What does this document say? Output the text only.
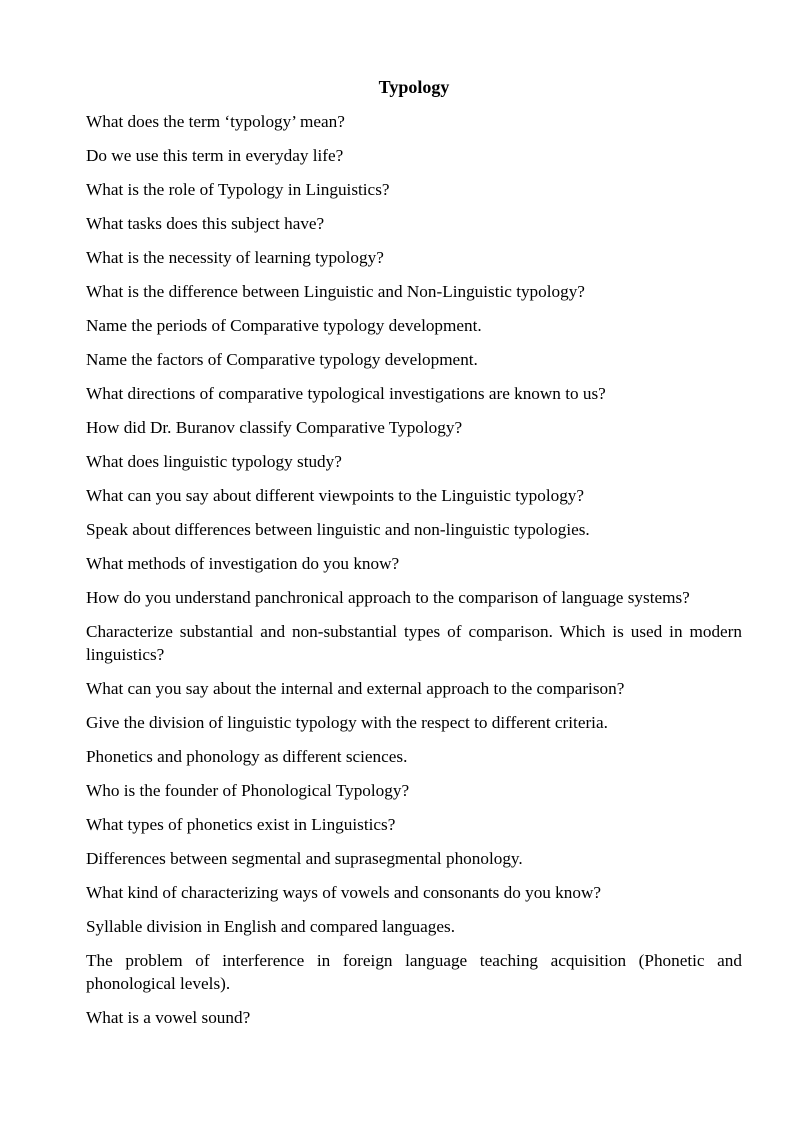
Typology
What does the term ‘typology’ mean?
Do we use this term in everyday life?
What is the role of Typology in Linguistics?
What tasks does this subject have?
What is the necessity of learning typology?
What is the difference between Linguistic and Non-Linguistic typology?
Name the periods of Comparative typology development.
Name the factors of Comparative typology development.
What directions of comparative typological investigations are known to us?
How did Dr. Buranov classify Comparative Typology?
What does linguistic typology study?
What can you say about different viewpoints to the Linguistic typology?
Speak about differences between linguistic and non-linguistic typologies.
What methods of investigation do you know?
How do you understand panchronical approach to the comparison of language systems?
Characterize substantial and non-substantial types of comparison. Which is used in modern linguistics?
What can you say about the internal and external approach to the comparison?
Give the division of linguistic typology with the respect to different criteria.
Phonetics and phonology as different sciences.
Who is the founder of Phonological Typology?
What types of phonetics exist in Linguistics?
Differences between segmental and suprasegmental phonology.
What kind of characterizing ways of vowels and consonants do you know?
Syllable division in English and compared languages.
The problem of interference in foreign language teaching acquisition (Phonetic and phonological levels).
What is a vowel sound?
